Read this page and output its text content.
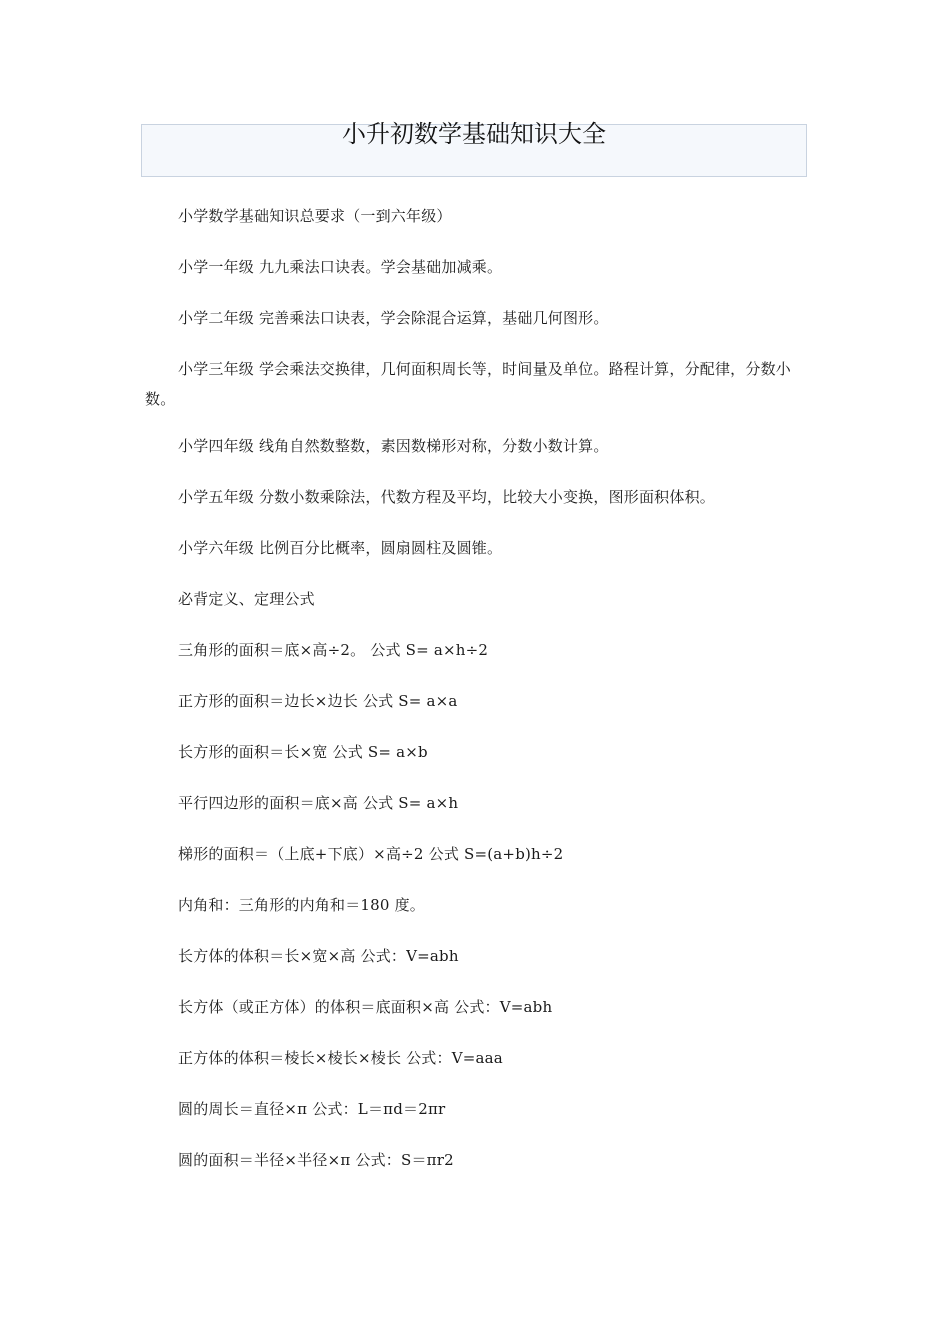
小升初数学基础知识大全

小学数学基础知识总要求（一到六年级）

小学一年级 九九乘法口诀表。学会基础加减乘。

小学二年级 完善乘法口诀表，学会除混合运算，基础几何图形。

小学三年级 学会乘法交换律，几何面积周长等，时间量及单位。路程计算，分配律，分数小数。

小学四年级 线角自然数整数，素因数梯形对称，分数小数计算。

小学五年级 分数小数乘除法，代数方程及平均，比较大小变换，图形面积体积。

小学六年级 比例百分比概率，圆扇圆柱及圆锥。

必背定义、定理公式

三角形的面积＝底×高÷2。 公式 S= a×h÷2

正方形的面积＝边长×边长 公式 S= a×a

长方形的面积＝长×宽 公式 S= a×b

平行四边形的面积＝底×高 公式 S= a×h

梯形的面积＝（上底+下底）×高÷2 公式 S=(a+b)h÷2

内角和：三角形的内角和＝180 度。

长方体的体积＝长×宽×高 公式：V=abh

长方体（或正方体）的体积＝底面积×高 公式：V=abh

正方体的体积＝棱长×棱长×棱长 公式：V=aaa

圆的周长＝直径×π 公式：L＝πd＝2πr

圆的面积＝半径×半径×π 公式：S＝πr2
